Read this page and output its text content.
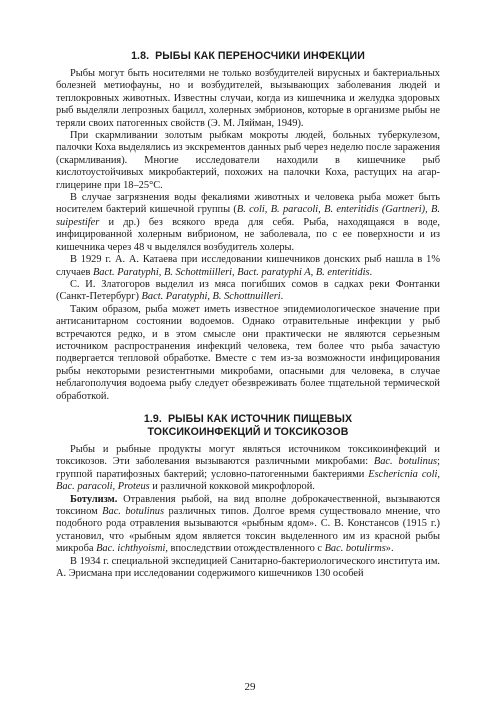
1.8. РЫБЫ КАК ПЕРЕНОСЧИКИ ИНФЕКЦИИ

Рыбы могут быть носителями не только возбудителей вирусных и бактериальных болезней метиофауны, но и возбудителей, вызывающих заболевания людей и теплокровных животных. Известны случаи, когда из кишечника и желудка здоровых рыб выделяли лепрозных бацилл, холерных эмбрионов, которые в организме рыбы не теряли своих патогенных свойств (Э. М. Ляйман, 1949).

При скармливании золотым рыбкам мокроты людей, больных туберкулезом, палочки Коха выделялись из экскрементов данных рыб через неделю после заражения (скармливания). Многие исследователи находили в кишечнике рыб кислотоустойчивых микробактерий, похожих на палочки Коха, растущих на агар-глицерине при 18–25°С.

В случае загрязнения воды фекалиями животных и человека рыба может быть носителем бактерий кишечной группы (B. coli, B. paracoli, B. enteritidis (Gartneri), B. suipestifer и др.) без всякого вреда для себя. Рыба, находящаяся в воде, инфицированной холерным вибрионом, не заболевала, по с ее поверхности и из кишечника через 48 ч выделялся возбудитель холеры.

В 1929 г. А. А. Катаева при исследовании кишечников донских рыб нашла в 1% случаев Bact. Paratyphi, B. Schottmiilleri, Bact. paratyphi A, B. enteritidis.

С. И. Златогоров выделил из мяса погибших сомов в садках реки Фонтанки (Санкт-Петербург) Bact. Paratyphi, B. Schottnuilleri.

Таким образом, рыба может иметь известное эпидемиологическое значение при антисанитарном состоянии водоемов. Однако отравительные инфекции у рыб встречаются редко, и в этом смысле они практически не являются серьезным источником распространения инфекций человека, тем более что рыба зачастую подвергается тепловой обработке. Вместе с тем из-за возможности инфицирования рыбы некоторыми резистентными микробами, опасными для человека, в случае неблагополучия водоема рыбу следует обезвреживать более тщательной термической обработкой.

1.9. РЫБЫ КАК ИСТОЧНИК ПИЩЕВЫХ
ТОКСИКОИНФЕКЦИЙ И ТОКСИКОЗОВ

Рыбы и рыбные продукты могут являться источником токсикоинфекций и токсикозов. Эти заболевания вызываются различными микробами: Bac. botulinus; группой паратифозных бактерий; условно-патогенными бактериями Eschericnia coli, Bac. paracoli, Proteus и различной кокковой микрофлорой.

Ботулизм. Отравления рыбой, на вид вполне доброкачественной, вызываются токсином Bac. botulinus различных типов. Долгое время существовало мнение, что подобного рода отравления вызываются «рыбным ядом». С. В. Констансов (1915 г.) установил, что «рыбным ядом является токсин выделенного им из красной рыбы микроба Bac. ichthyoismi, впоследствии отождествленного с Bac. botulirms».

В 1934 г. специальной экспедицией Санитарно-бактериологического института им. А. Эрисмана при исследовании содержимого кишечников 130 особей

29
